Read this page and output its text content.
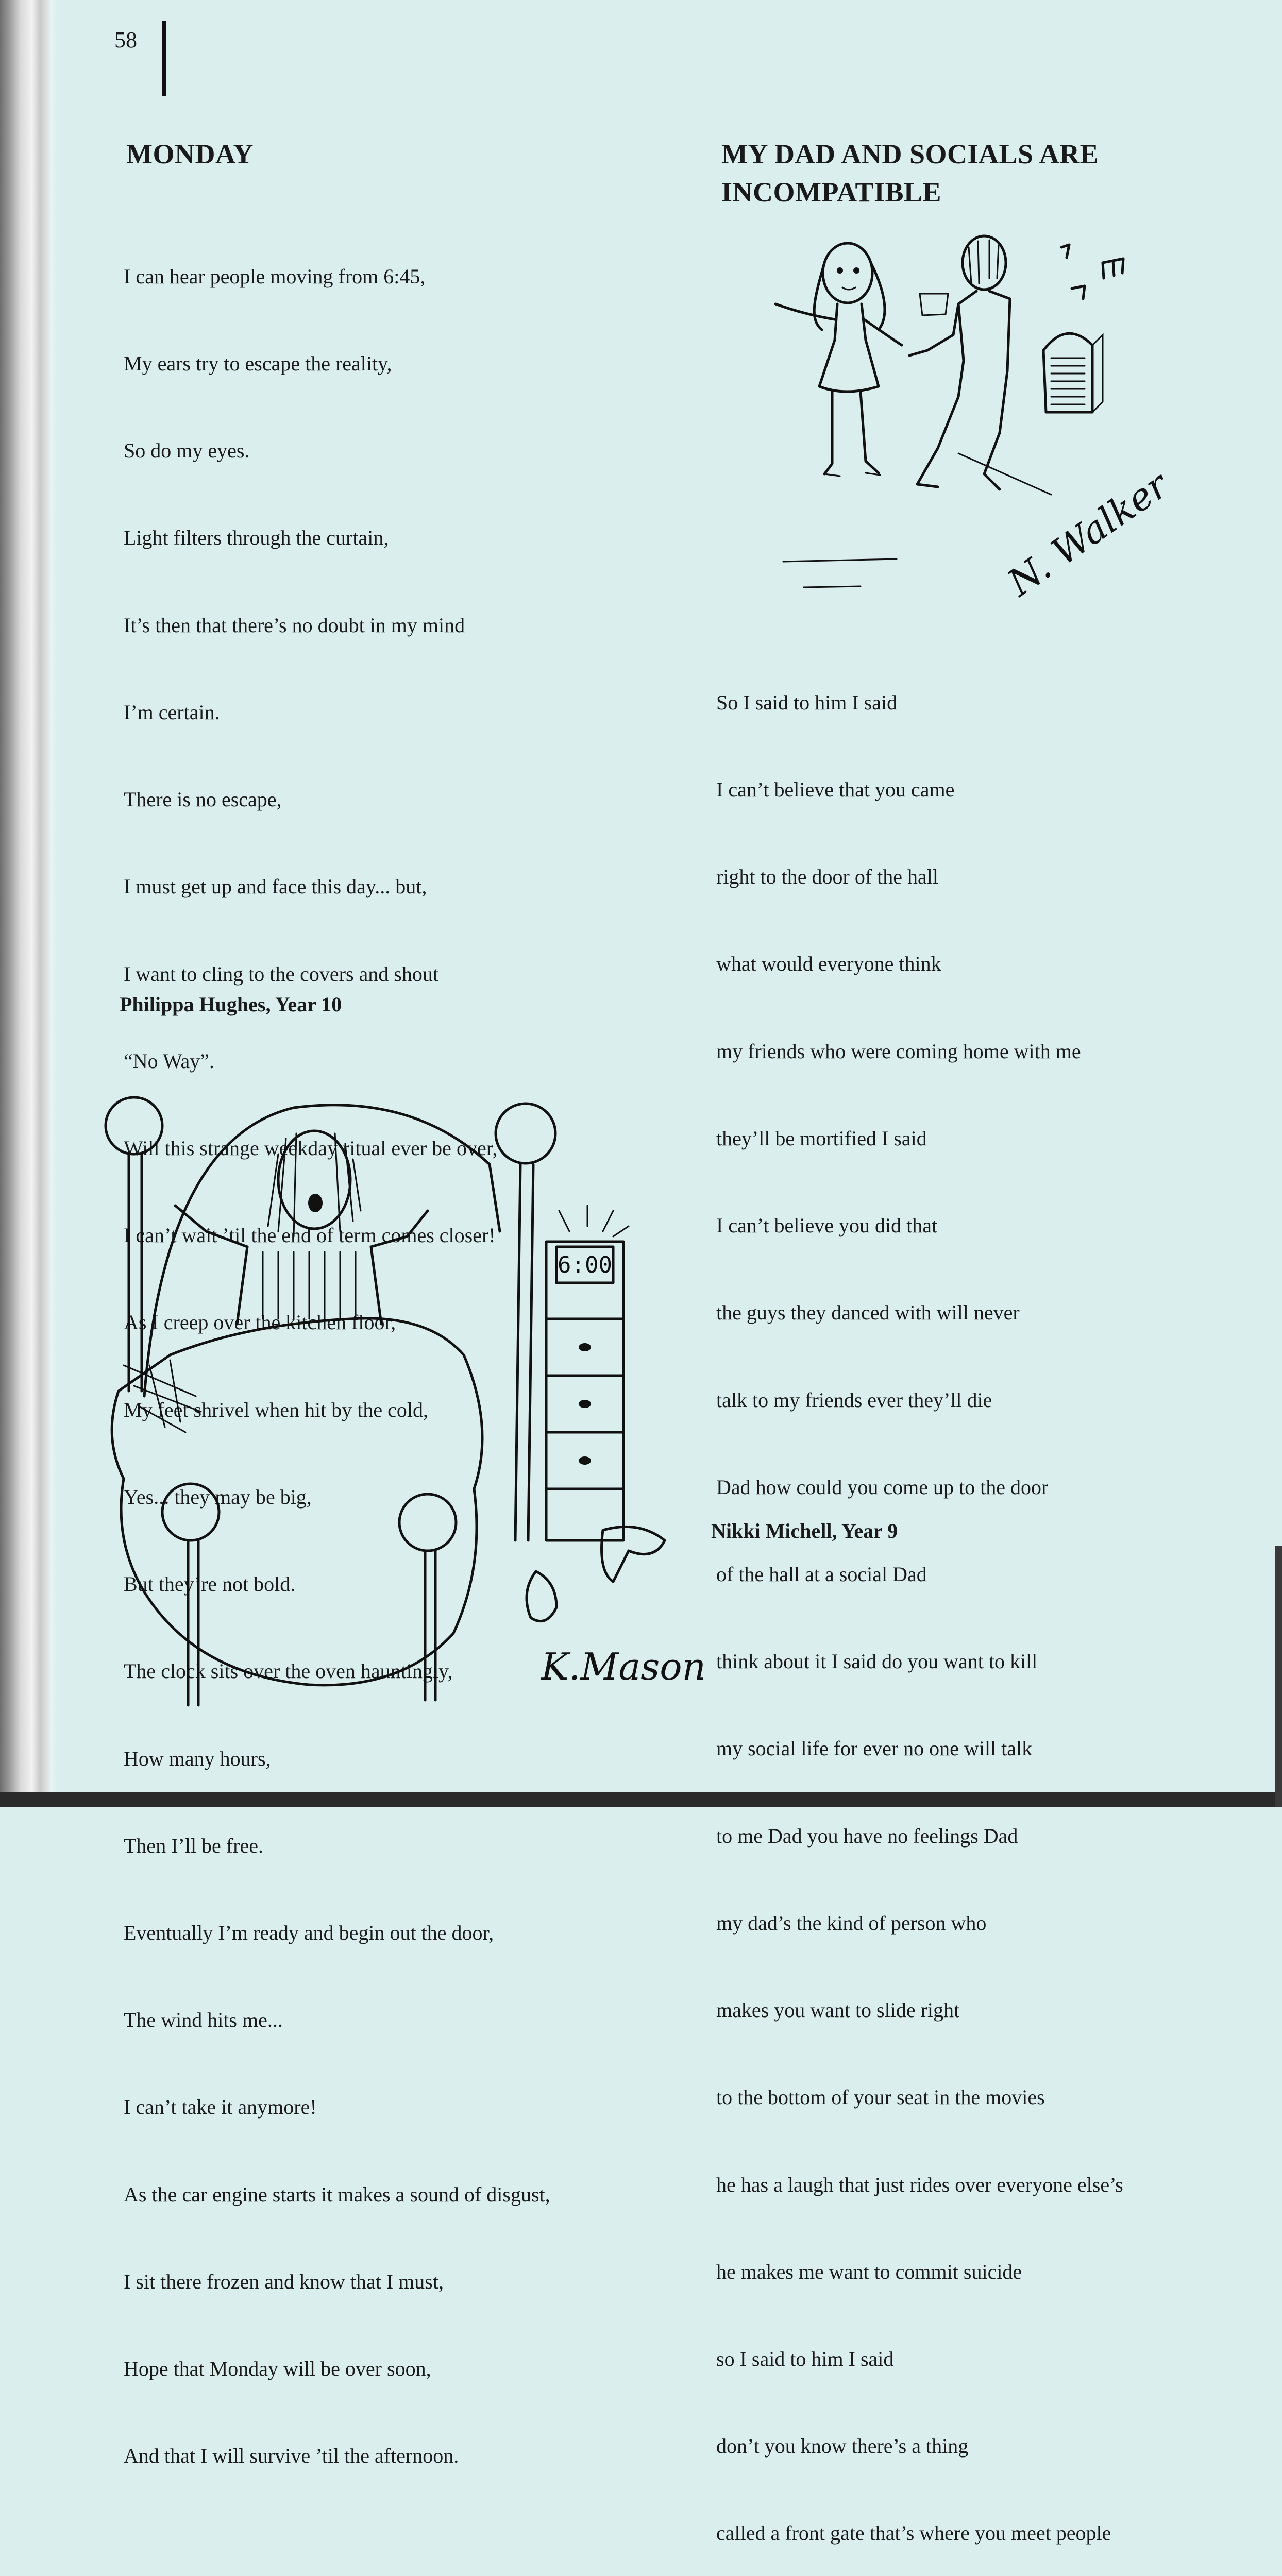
58
MONDAY

I can hear people moving from 6:45,

My ears try to escape the reality,

So do my eyes.

Light filters through the curtain,

It’s then that there’s no doubt in my mind

I’m certain.

There is no escape,

I must get up and face this day... but,

I want to cling to the covers and shout

“No Way”.

Will this strange weekday ritual ever be over,

I can’t wait ’til the end of term comes closer!

As I creep over the kitchen floor,

My feet shrivel when hit by the cold,

Yes... they may be big,

But they’re not bold.

The clock sits over the oven hauntingly,

How many hours,

Then I’ll be free.

Eventually I’m ready and begin out the door,

The wind hits me...

I can’t take it anymore!

As the car engine starts it makes a sound of disgust,

I sit there frozen and know that I must,

Hope that Monday will be over soon,

And that I will survive ’til the afternoon.

Philippa Hughes, Year 10
MY DAD AND SOCIALS ARE INCOMPATIBLE

So I said to him I said

I can’t believe that you came

right to the door of the hall

what would everyone think

my friends who were coming home with me

they’ll be mortified I said

I can’t believe you did that

the guys they danced with will never

talk to my friends ever they’ll die

Dad how could you come up to the door

of the hall at a social Dad

think about it I said do you want to kill

my social life for ever no one will talk

to me Dad you have no feelings Dad

my dad’s the kind of person who

makes you want to slide right

to the bottom of your seat in the movies

he has a laugh that just rides over everyone else’s

he makes me want to commit suicide

so I said to him I said

don’t you know there’s a thing

called a front gate that’s where you meet people

Nikki Michell, Year 9
N. Walker
6:00
K.Mason
